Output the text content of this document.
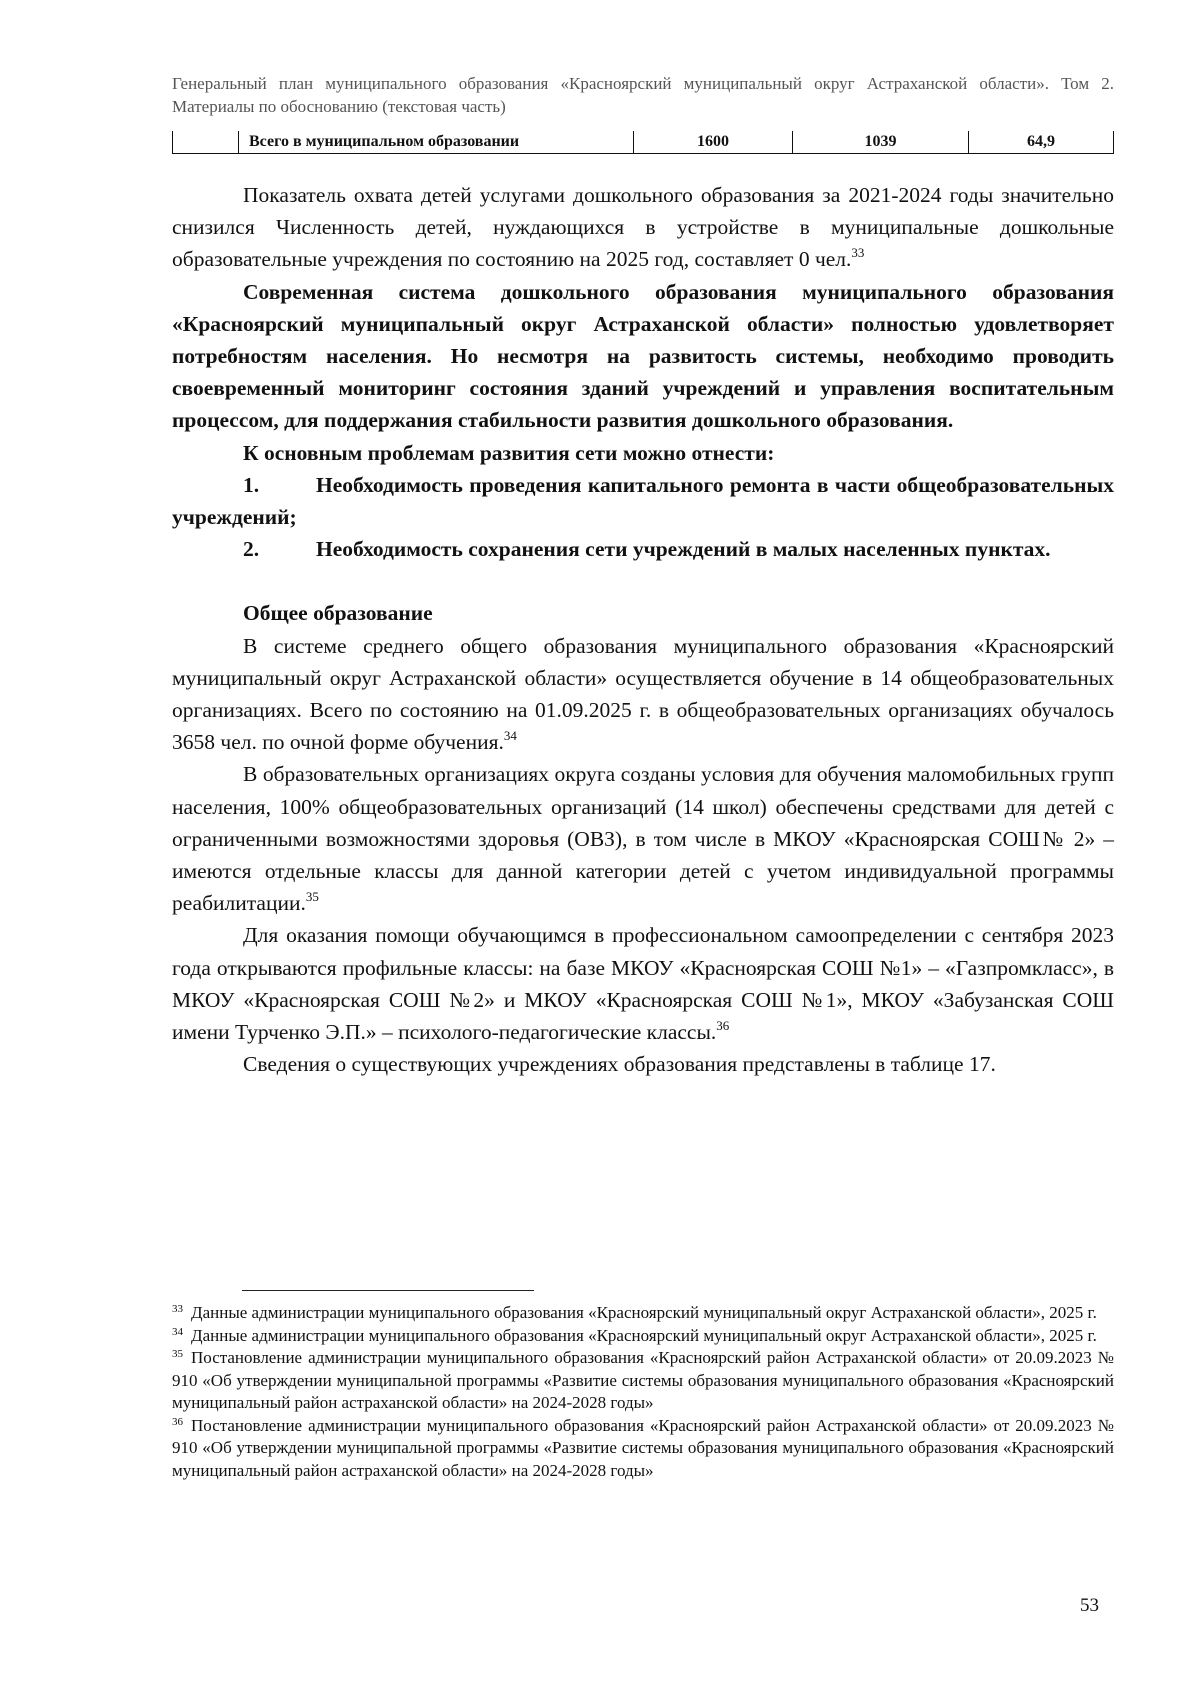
Генеральный план муниципального образования «Красноярский муниципальный округ Астраханской области». Том 2. Материалы по обоснованию (текстовая часть)
Всего в муниципальном образовании	1600	1039	64,9

Показатель охвата детей услугами дошкольного образования за 2021-2024 годы значительно снизился Численность детей, нуждающихся в устройстве в муниципальные дошкольные образовательные учреждения по состоянию на 2025 год, составляет 0 чел.$^{33}$

Современная система дошкольного образования муниципального образования «Красноярский муниципальный округ Астраханской области» полностью удовлетворяет потребностям населения. Но несмотря на развитость системы, необходимо проводить своевременный мониторинг состояния зданий учреждений и управления воспитательным процессом, для поддержания стабильности развития дошкольного образования.

К основным проблемам развития сети можно отнести:

1.	Необходимость проведения капитального ремонта в части общеобразовательных учреждений;

2.	Необходимость сохранения сети учреждений в малых населенных пунктах.

Общее образование

В системе среднего общего образования муниципального образования «Красноярский муниципальный округ Астраханской области» осуществляется обучение в 14 общеобразовательных организациях. Всего по состоянию на 01.09.2025 г. в общеобразовательных организациях обучалось 3658 чел. по очной форме обучения.$^{34}$

В образовательных организациях округа созданы условия для обучения маломобильных групп населения, 100% общеобразовательных организаций (14 школ) обеспечены средствами для детей с ограниченными возможностями здоровья (ОВЗ), в том числе в МКОУ «Красноярская СОШ№ 2» – имеются отдельные классы для данной категории детей с учетом индивидуальной программы реабилитации.$^{35}$

Для оказания помощи обучающимся в профессиональном самоопределении с сентября 2023 года открываются профильные классы: на базе МКОУ «Красноярская СОШ №1» – «Газпромкласс», в МКОУ «Красноярская СОШ №2» и МКОУ «Красноярская СОШ №1», МКОУ «Забузанская СОШ имени Турченко Э.П.» – психолого-педагогические классы.$^{36}$

Сведения о существующих учреждениях образования представлены в таблице 17.

$^{33}$ Данные администрации муниципального образования «Красноярский муниципальный округ Астраханской области», 2025 г.

$^{34}$ Данные администрации муниципального образования «Красноярский муниципальный округ Астраханской области», 2025 г.

$^{35}$ Постановление администрации муниципального образования «Красноярский район Астраханской области» от 20.09.2023 № 910 «Об утверждении муниципальной программы «Развитие системы образования муниципального образования «Красноярский муниципальный район астраханской области» на 2024-2028 годы»

$^{36}$ Постановление администрации муниципального образования «Красноярский район Астраханской области» от 20.09.2023 № 910 «Об утверждении муниципальной программы «Развитие системы образования муниципального образования «Красноярский муниципальный район астраханской области» на 2024-2028 годы»

53
